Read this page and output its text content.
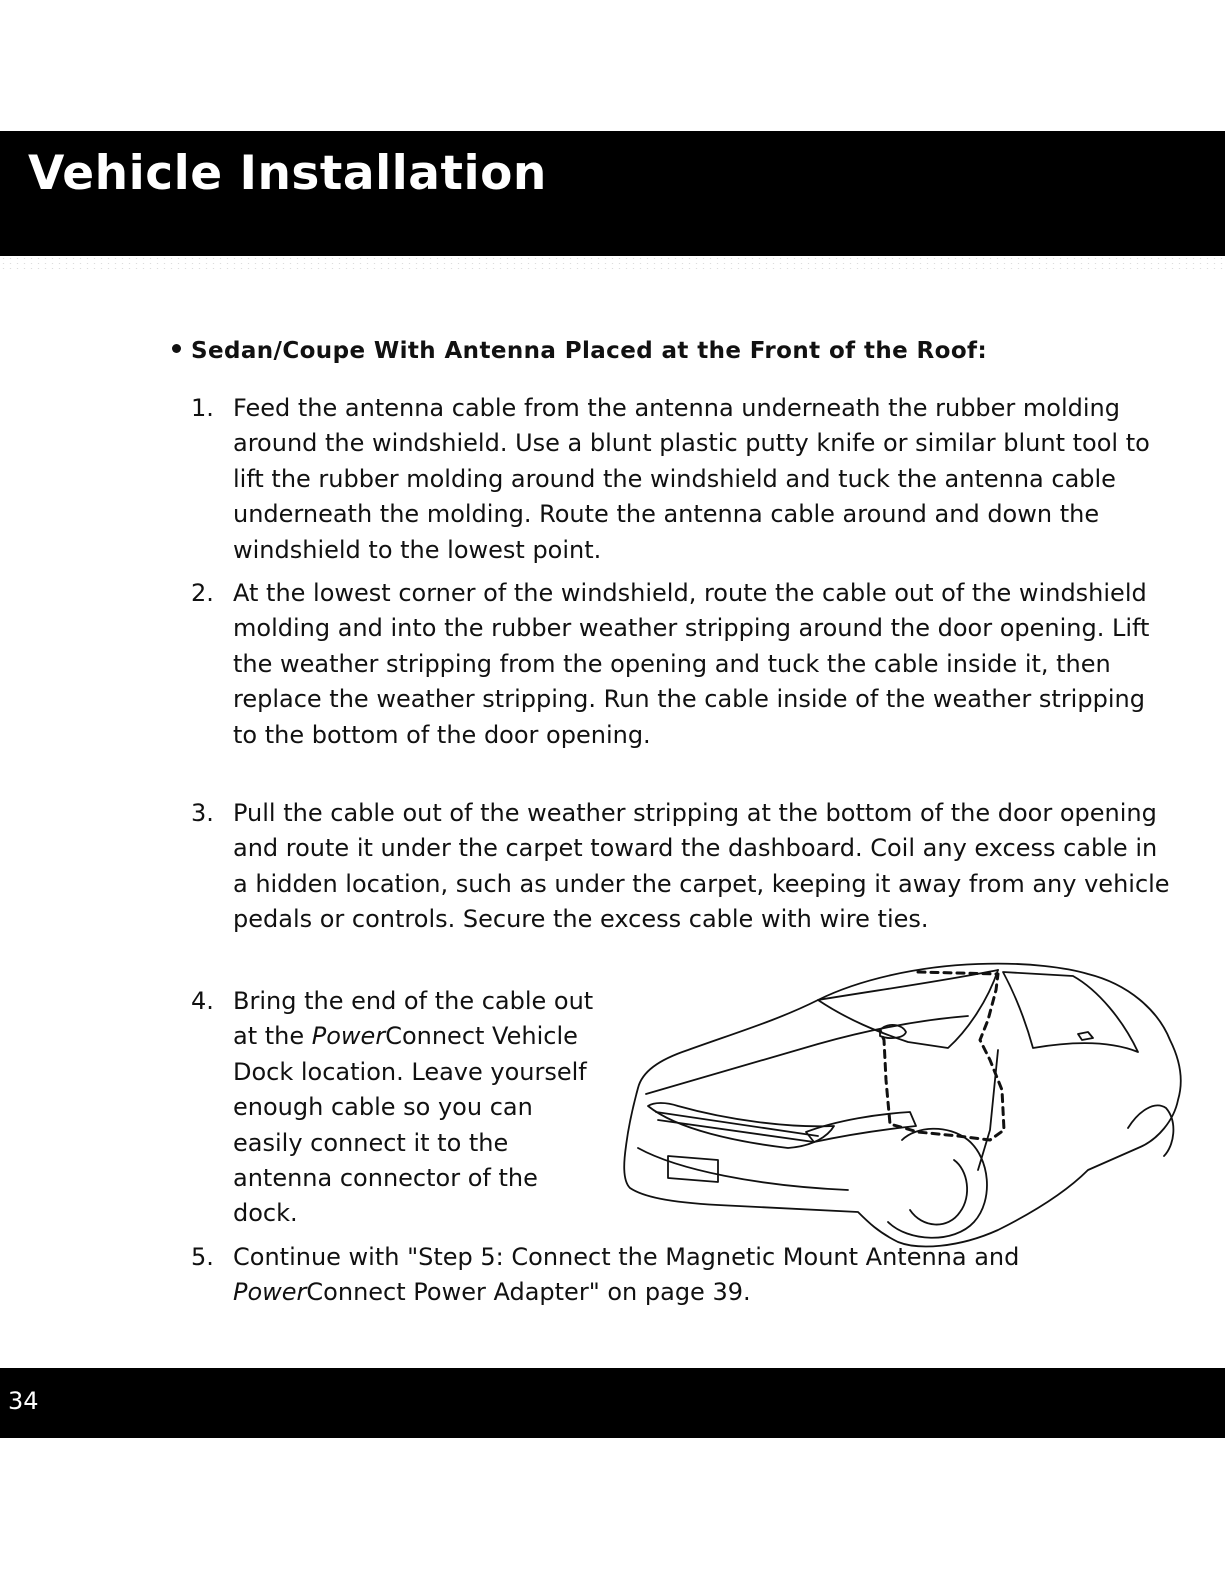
Vehicle Installation
Sedan/Coupe With Antenna Placed at the Front of the Roof:
1. Feed the antenna cable from the antenna underneath the rubber molding around the windshield. Use a blunt plastic putty knife or similar blunt tool to lift the rubber molding around the windshield and tuck the antenna cable underneath the molding. Route the antenna cable around and down the windshield to the lowest point.
2. At the lowest corner of the windshield, route the cable out of the windshield molding and into the rubber weather stripping around the door opening. Lift the weather stripping from the opening and tuck the cable inside it, then replace the weather stripping. Run the cable inside of the weather stripping to the bottom of the door opening.
3. Pull the cable out of the weather stripping at the bottom of the door opening and route it under the carpet toward the dashboard. Coil any excess cable in a hidden location, such as under the carpet, keeping it away from any vehicle pedals or controls. Secure the excess cable with wire ties.
4. Bring the end of the cable out at the PowerConnect Vehicle Dock location. Leave yourself enough cable so you can easily connect it to the antenna connector of the dock.
5. Continue with "Step 5: Connect the Magnetic Mount Antenna and PowerConnect Power Adapter" on page 39.
34
